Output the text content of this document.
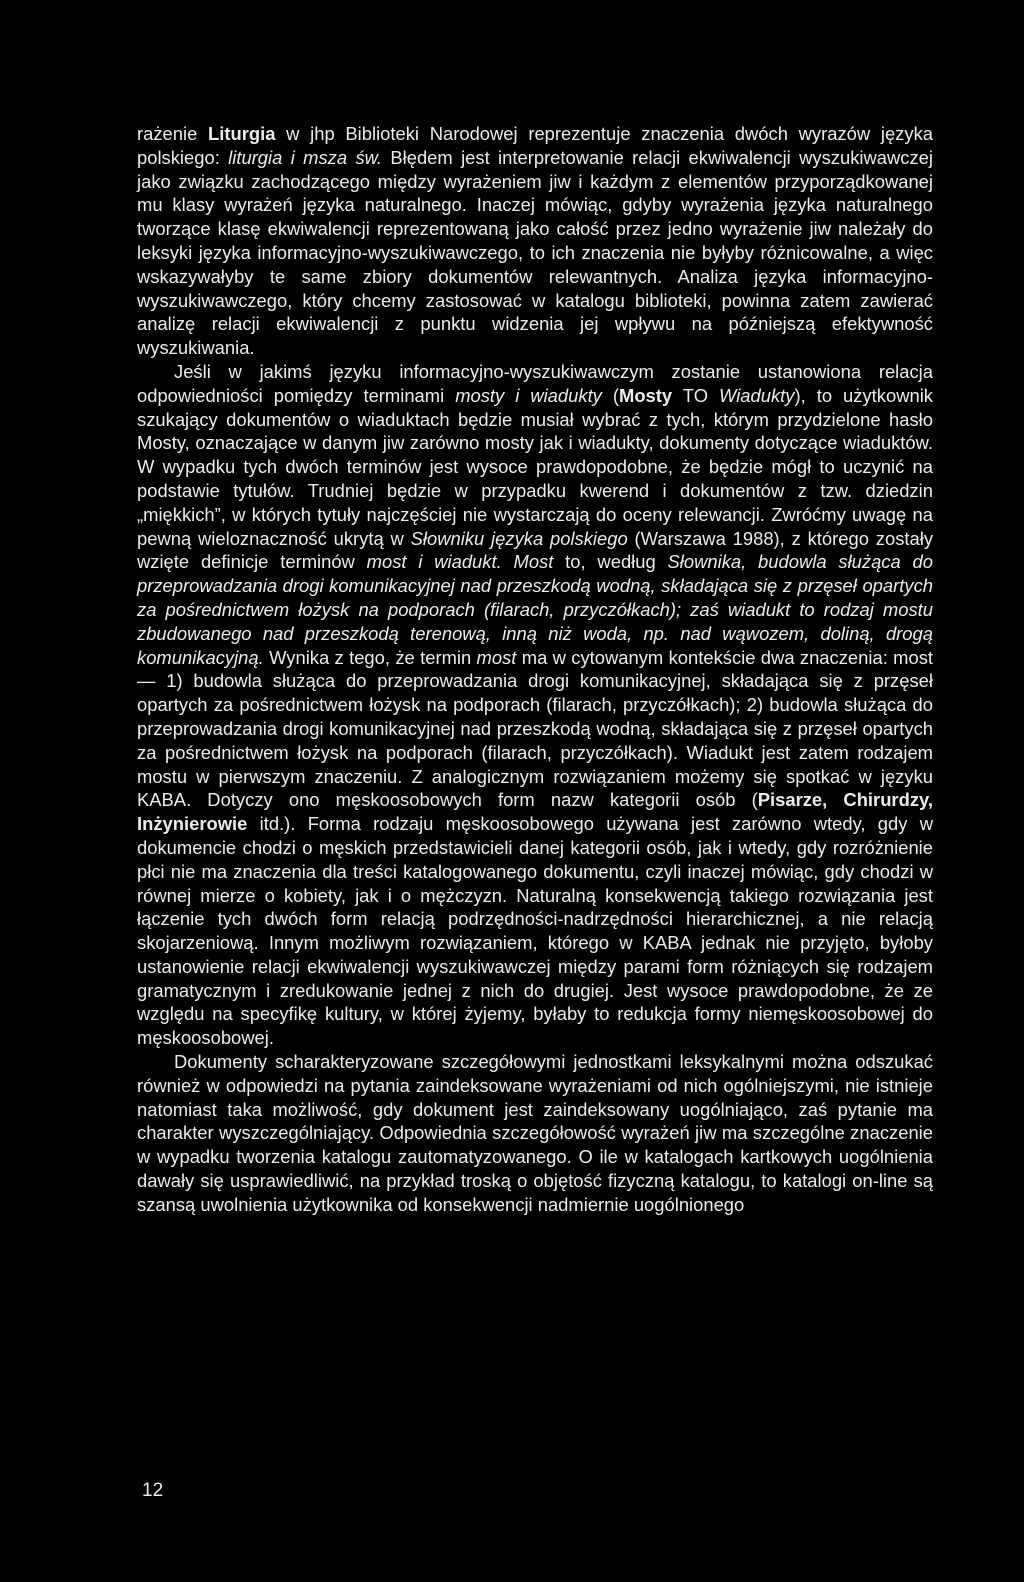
rażenie Liturgia w jhp Biblioteki Narodowej reprezentuje znaczenia dwóch wyrazów języka polskiego: liturgia i msza św. Błędem jest interpretowanie relacji ekwiwalencji wyszukiwawczej jako związku zachodzącego między wyrażeniem jiw i każdym z elementów przyporządkowanej mu klasy wyrażeń języka naturalnego. Inaczej mówiąc, gdyby wyrażenia języka naturalnego tworzące klasę ekwiwalencji reprezentowaną jako całość przez jedno wyrażenie jiw należały do leksyki języka informacyjno-wyszukiwawczego, to ich znaczenia nie byłyby różnicowalne, a więc wskazywałyby te same zbiory dokumentów relewantnych. Analiza języka informacyjno-wyszukiwawczego, który chcemy zastosować w katalogu biblioteki, powinna zatem zawierać analizę relacji ekwiwalencji z punktu widzenia jej wpływu na późniejszą efektywność wyszukiwania.

Jeśli w jakimś języku informacyjno-wyszukiwawczym zostanie ustanowiona relacja odpowiedniości pomiędzy terminami mosty i wiadukty (Mosty TO Wiadukty), to użytkownik szukający dokumentów o wiaduktach będzie musiał wybrać z tych, którym przydzielone hasło Mosty, oznaczające w danym jiw zarówno mosty jak i wiadukty, dokumenty dotyczące wiaduktów. W wypadku tych dwóch terminów jest wysoce prawdopodobne, że będzie mógł to uczynić na podstawie tytułów. Trudniej będzie w przypadku kwerend i dokumentów z tzw. dziedzin „miękkich”, w których tytuły najczęściej nie wystarczają do oceny relewancji. Zwróćmy uwagę na pewną wieloznaczność ukrytą w Słowniku języka polskiego (Warszawa 1988), z którego zostały wzięte definicje terminów most i wiadukt. Most to, według Słownika, budowla służąca do przeprowadzania drogi komunikacyjnej nad przeszkodą wodną, składająca się z przęseł opartych za pośrednictwem łożysk na podporach (filarach, przyczółkach); zaś wiadukt to rodzaj mostu zbudowanego nad przeszkodą terenową, inną niż woda, np. nad wąwozem, doliną, drogą komunikacyjną. Wynika z tego, że termin most ma w cytowanym kontekście dwa znaczenia: most — 1) budowla służąca do przeprowadzania drogi komunikacyjnej, składająca się z przęseł opartych za pośrednictwem łożysk na podporach (filarach, przyczółkach); 2) budowla służąca do przeprowadzania drogi komunikacyjnej nad przeszkodą wodną, składająca się z przęseł opartych za pośrednictwem łożysk na podporach (filarach, przyczółkach). Wiadukt jest zatem rodzajem mostu w pierwszym znaczeniu. Z analogicznym rozwiązaniem możemy się spotkać w języku KABA. Dotyczy ono męskoosobowych form nazw kategorii osób (Pisarze, Chirurdzy, Inżynierowie itd.). Forma rodzaju męskoosobowego używana jest zarówno wtedy, gdy w dokumencie chodzi o męskich przedstawicieli danej kategorii osób, jak i wtedy, gdy rozróżnienie płci nie ma znaczenia dla treści katalogowanego dokumentu, czyli inaczej mówiąc, gdy chodzi w równej mierze o kobiety, jak i o mężczyzn. Naturalną konsekwencją takiego rozwiązania jest łączenie tych dwóch form relacją podrzędności-nadrzędności hierarchicznej, a nie relacją skojarzeniową. Innym możliwym rozwiązaniem, którego w KABA jednak nie przyjęto, byłoby ustanowienie relacji ekwiwalencji wyszukiwawczej między parami form różniących się rodzajem gramatycznym i zredukowanie jednej z nich do drugiej. Jest wysoce prawdopodobne, że ze względu na specyfikę kultury, w której żyjemy, byłaby to redukcja formy niemęskoosobowej do męskoosobowej.

Dokumenty scharakteryzowane szczegółowymi jednostkami leksykalnymi można odszukać również w odpowiedzi na pytania zaindeksowane wyrażeniami od nich ogólniejszymi, nie istnieje natomiast taka możliwość, gdy dokument jest zaindeksowany uogólniająco, zaś pytanie ma charakter wyszczególniający. Odpowiednia szczegółowość wyrażeń jiw ma szczególne znaczenie w wypadku tworzenia katalogu zautomatyzowanego. O ile w katalogach kartkowych uogólnienia dawały się usprawiedliwić, na przykład troską o objętość fizyczną katalogu, to katalogi on-line są szansą uwolnienia użytkownika od konsekwencji nadmiernie uogólnionego

12
